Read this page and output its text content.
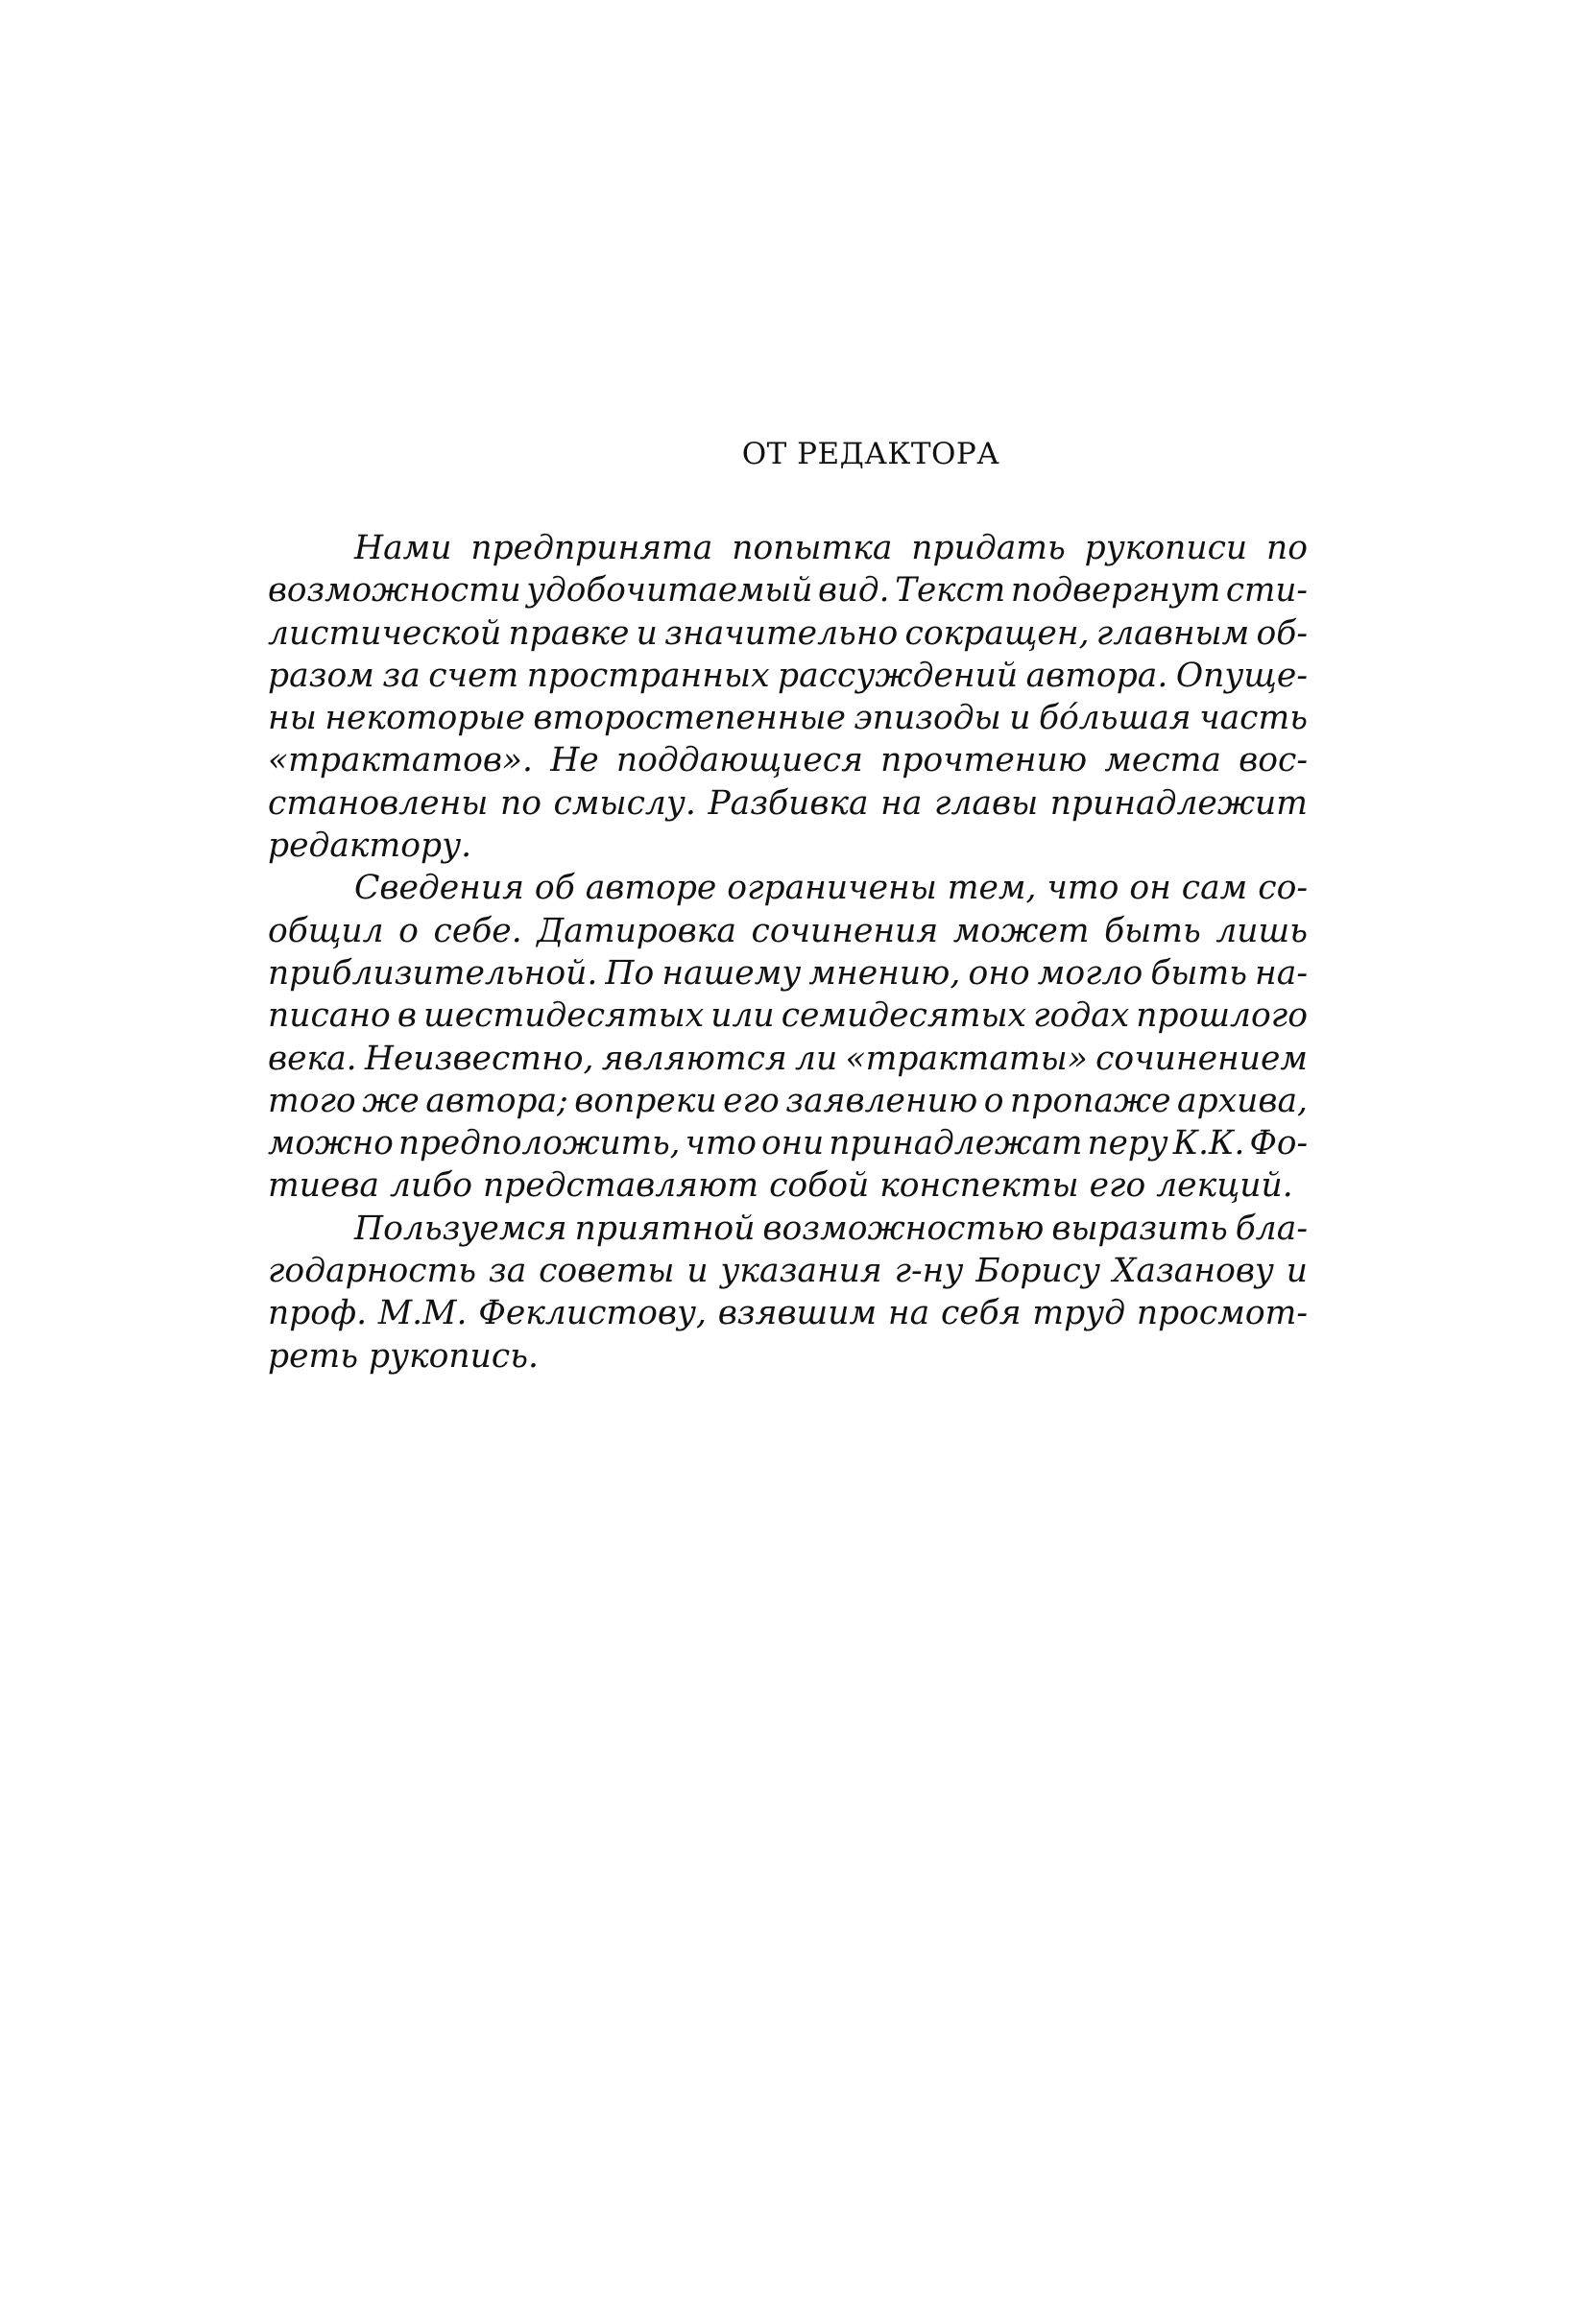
ОТ РЕДАКТОРА
Нами предпринята попытка придать рукописи по
возможности удобочитаемый вид. Текст подвергнут сти-
листической правке и значительно сокращен, главным об-
разом за счет пространных рассуждений автора. Опуще-
ны некоторые второстепенные эпизоды и бóльшая часть
«трактатов». Не поддающиеся прочтению места вос-
становлены по смыслу. Разбивка на главы принадлежит
редактору.
Сведения об авторе ограничены тем, что он сам со-
общил о себе. Датировка сочинения может быть лишь
приблизительной. По нашему мнению, оно могло быть на-
писано в шестидесятых или семидесятых годах прошлого
века. Неизвестно, являются ли «трактаты» сочинением
того же автора; вопреки его заявлению о пропаже архива,
можно предположить, что они принадлежат перу К.К. Фо-
тиева либо представляют собой конспекты его лекций.
Пользуемся приятной возможностью выразить бла-
годарность за советы и указания г-ну Борису Хазанову и
проф. М.М. Феклистову, взявшим на себя труд просмот-
реть рукопись.
